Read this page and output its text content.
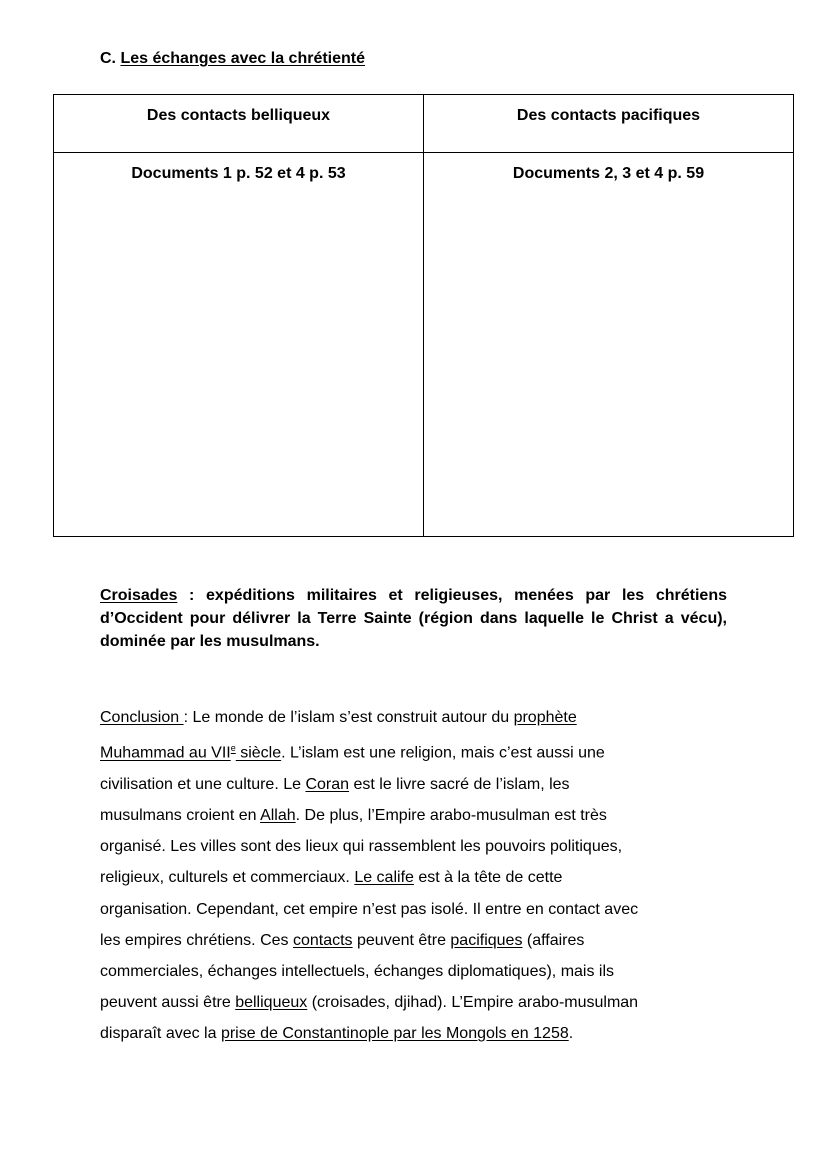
C. Les échanges avec la chrétienté
Des contacts belliqueux	Des contacts pacifiques
Documents 1 p. 52 et 4 p. 53	Documents 2, 3 et 4 p. 59
Croisades : expéditions militaires et religieuses, menées par les chrétiens d’Occident pour délivrer la Terre Sainte (région dans laquelle le Christ a vécu), dominée par les musulmans.
Conclusion : Le monde de l’islam s’est construit autour du prophète
Muhammad au VIIe siècle. L’islam est une religion, mais c’est aussi une
civilisation et une culture. Le Coran est le livre sacré de l’islam, les
musulmans croient en Allah. De plus, l’Empire arabo-musulman est très
organisé. Les villes sont des lieux qui rassemblent les pouvoirs politiques,
religieux, culturels et commerciaux. Le calife est à la tête de cette
organisation. Cependant, cet empire n’est pas isolé. Il entre en contact avec
les empires chrétiens. Ces contacts peuvent être pacifiques (affaires
commerciales, échanges intellectuels, échanges diplomatiques), mais ils
peuvent aussi être belliqueux (croisades, djihad). L’Empire arabo-musulman
disparaît avec la prise de Constantinople par les Mongols en 1258.
